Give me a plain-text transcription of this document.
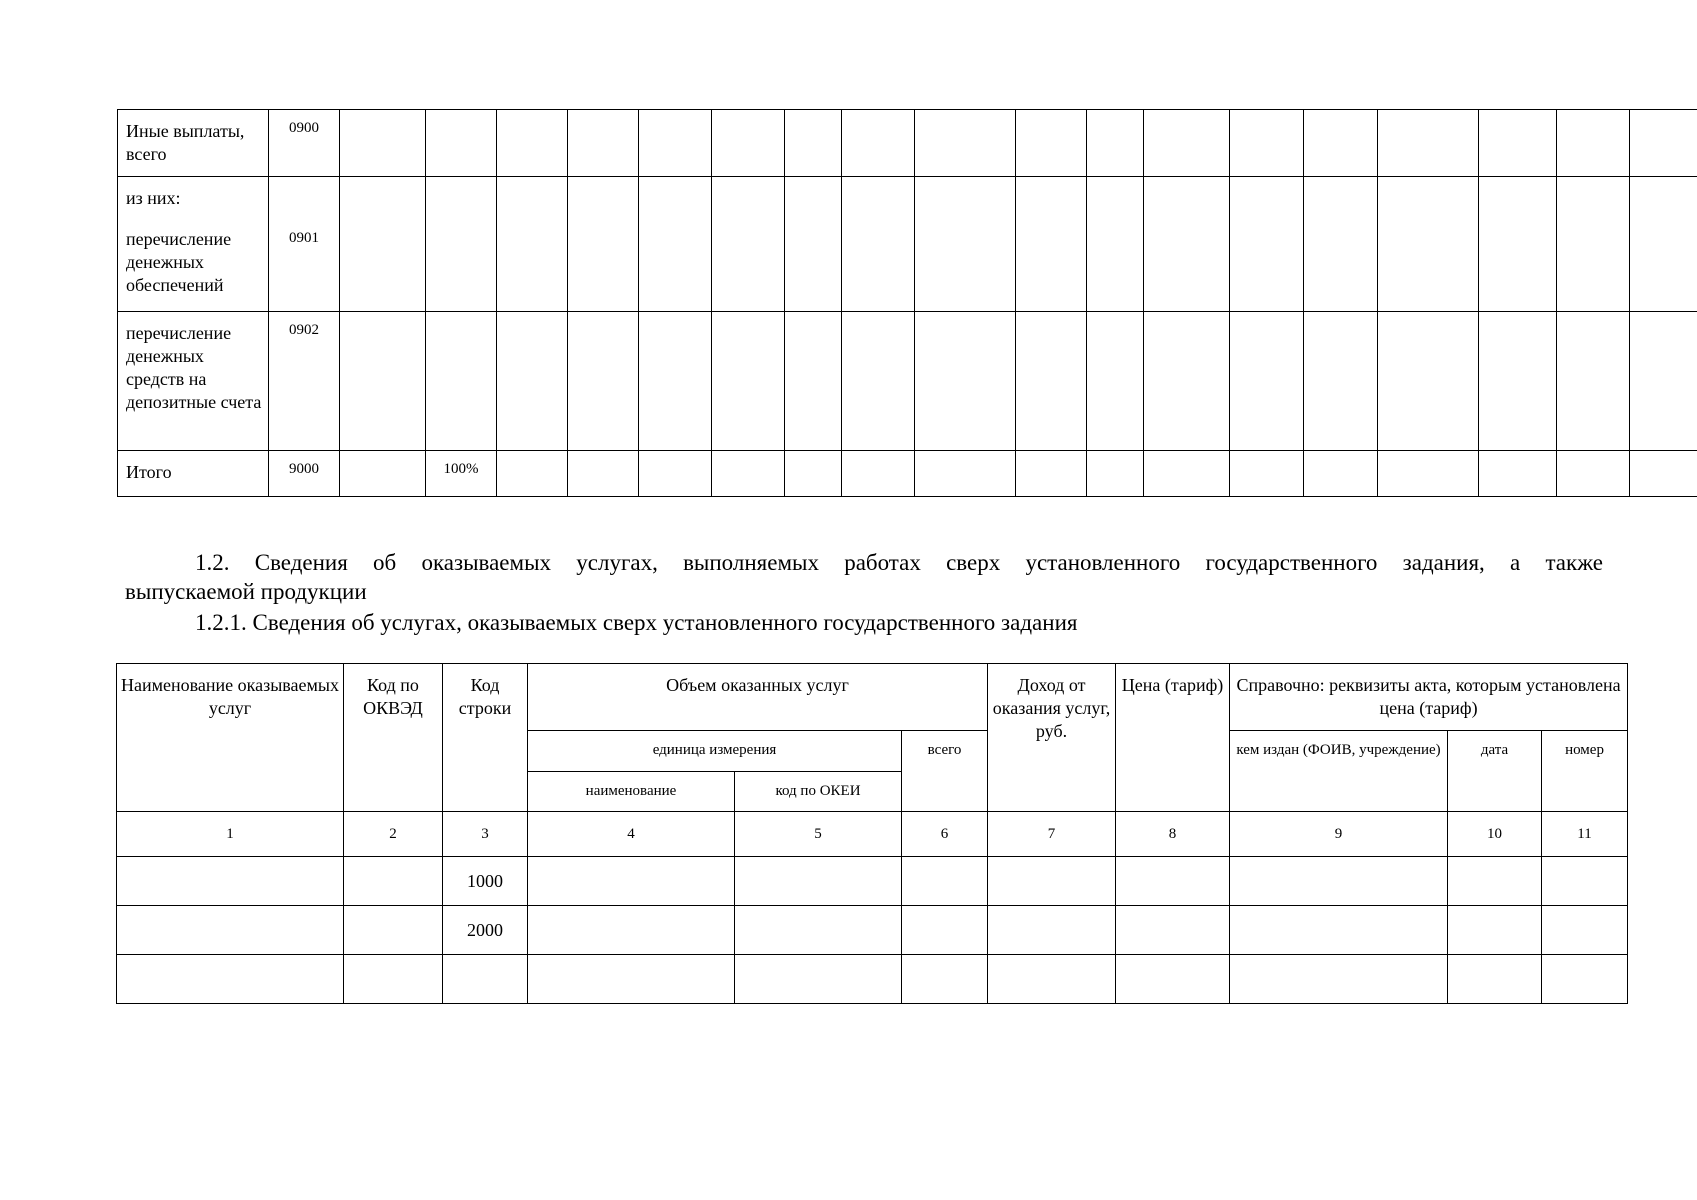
Иные выплаты, всего	0900																		
из них:
перечисление денежных обеспечений	0901																		
перечисление денежных средств на депозитные счета	0902																		
Итого	9000		100%																
1.2. Сведения об оказываемых услугах, выполняемых работах сверх установленного государственного задания, а также
выпускаемой продукции
1.2.1. Сведения об услугах, оказываемых сверх установленного государственного задания
Наименование оказываемых услуг	Код по ОКВЭД	Код строки	Объем оказанных услуг			Доход от оказания услуг, руб.	Цена (тариф)	Справочно: реквизиты акта, которым установлена цена (тариф)		
			единица измерения		всего			кем издан (ФОИВ, учреждение)	дата	номер
			наименование	код по ОКЕИ						
1	2	3	4	5	6	7	8	9	10	11
		1000								
		2000								
